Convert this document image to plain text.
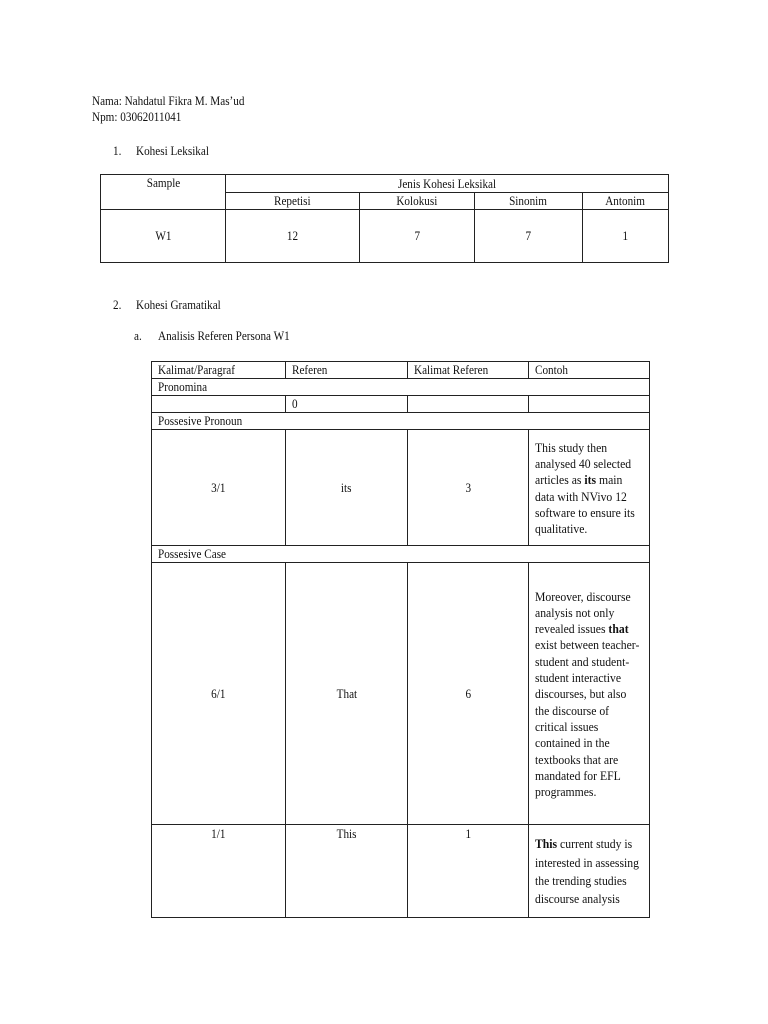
Nama: Nahdatul Fikra M. Mas’ud
Npm: 03062011041
1. Kohesi Leksikal
Sample	Jenis Kohesi Leksikal			
	Repetisi	Kolokusi	Sinonim	Antonim
W1	12	7	7	1
2. Kohesi Gramatikal
a. Analisis Referen Persona W1
Kalimat/Paragraf	Referen	Kalimat Referen	Contoh
Pronomina			
	0		
Possesive Pronoun			
3/1	its	3	This study then analysed 40 selected articles as its main data with NVivo 12 software to ensure its qualitative.

Possesive Case			
6/1	That	6	Moreover, discourse analysis not only revealed issues that exist between teacher-student and student-student interactive discourses, but also the discourse of critical issues contained in the textbooks that are mandated for EFL programmes.

1/1	This	1	This current study is interested in assessing the trending studies discourse analysis
